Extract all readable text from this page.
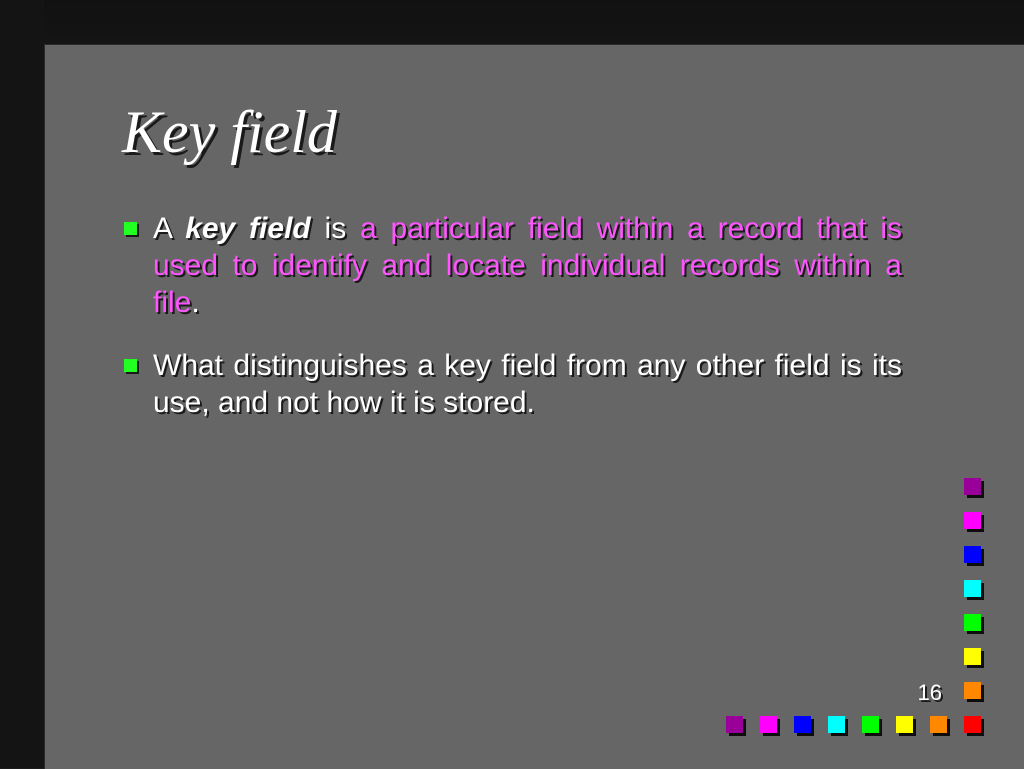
Key field
A key field is a particular field within a record that is used to identify and locate individual records within a file.
What distinguishes a key field from any other field is its use, and not how it is stored.
16
